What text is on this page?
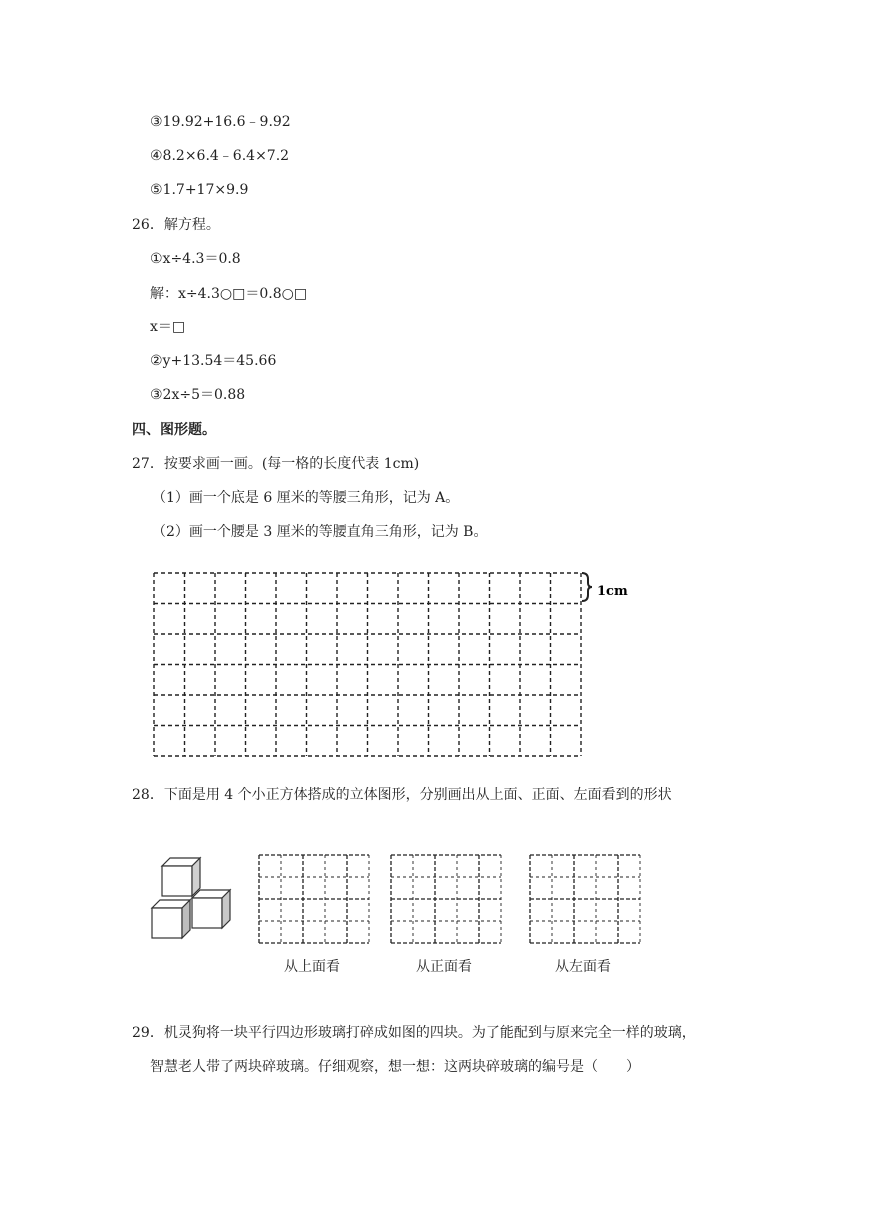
③19.92+16.6﹣9.92
④8.2×6.4﹣6.4×7.2
⑤1.7+17×9.9
26．解方程。
①x÷4.3＝0.8
解：x÷4.3○□＝0.8○□
x＝□
②y+13.54＝45.66
③2x÷5＝0.88
四、图形题。
27．按要求画一画。(每一格的长度代表 1cm)
（1）画一个底是 6 厘米的等腰三角形，记为 A。
（2）画一个腰是 3 厘米的等腰直角三角形，记为 B。
1cm
28．下面是用 4 个小正方体搭成的立体图形，分别画出从上面、正面、左面看到的形状
从上面看	从正面看	从左面看
29．机灵狗将一块平行四边形玻璃打碎成如图的四块。为了能配到与原来完全一样的玻璃，
智慧老人带了两块碎玻璃。仔细观察，想一想：这两块碎玻璃的编号是（　　）
